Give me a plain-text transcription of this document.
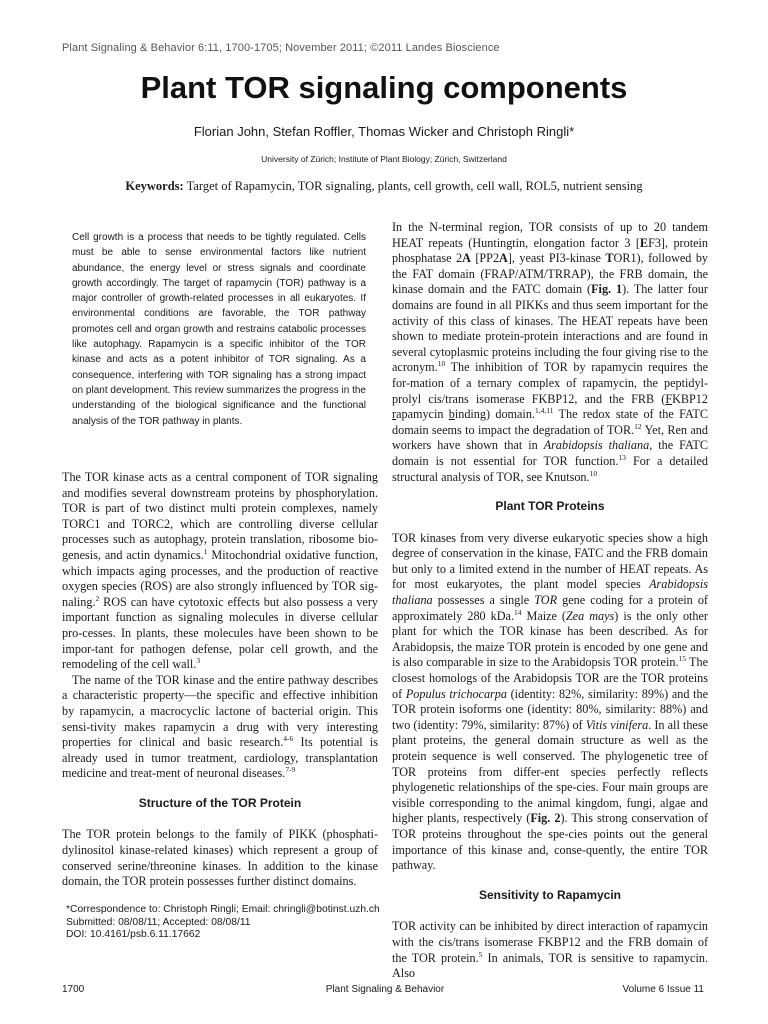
Plant Signaling & Behavior 6:11, 1700-1705; November 2011; ©2011 Landes Bioscience
Plant TOR signaling components
Florian John, Stefan Roffler, Thomas Wicker and Christoph Ringli*
University of Zürich; Institute of Plant Biology; Zürich, Switzerland
Keywords: Target of Rapamycin, TOR signaling, plants, cell growth, cell wall, ROL5, nutrient sensing
Cell growth is a process that needs to be tightly regulated. Cells must be able to sense environmental factors like nutrient abundance, the energy level or stress signals and coordinate growth accordingly. The target of rapamycin (TOR) pathway is a major controller of growth-related processes in all eukaryotes. If environmental conditions are favorable, the TOR pathway promotes cell and organ growth and restrains catabolic processes like autophagy. Rapamycin is a specific inhibitor of the TOR kinase and acts as a potent inhibitor of TOR signaling. As a consequence, interfering with TOR signaling has a strong impact on plant development. This review summarizes the progress in the understanding of the biological significance and the functional analysis of the TOR pathway in plants.

The TOR kinase acts as a central component of TOR signaling and modifies several downstream proteins by phosphorylation. TOR is part of two distinct multi protein complexes, namely TORC1 and TORC2, which are controlling diverse cellular processes such as autophagy, protein translation, ribosome bio-genesis, and actin dynamics.$^1$ Mitochondrial oxidative function, which impacts aging processes, and the production of reactive oxygen species (ROS) are also strongly influenced by TOR sig-naling.$^2$ ROS can have cytotoxic effects but also possess a very important function as signaling molecules in diverse cellular pro-cesses. In plants, these molecules have been shown to be impor-tant for pathogen defense, polar cell growth, and the remodeling of the cell wall.$^3$

The name of the TOR kinase and the entire pathway describes a characteristic property—the specific and effective inhibition by rapamycin, a macrocyclic lactone of bacterial origin. This sensi-tivity makes rapamycin a drug with very interesting properties for clinical and basic research.$^{4-6}$ Its potential is already used in tumor treatment, cardiology, transplantation medicine and treat-ment of neuronal diseases.$^{7-9}$

Structure of the TOR Protein

The TOR protein belongs to the family of PIKK (phosphati-dylinositol kinase-related kinases) which represent a group of conserved serine/threonine kinases. In addition to the kinase domain, the TOR protein possesses further distinct domains.

In the N-terminal region, TOR consists of up to 20 tandem HEAT repeats (Huntingtin, elongation factor 3 [EF3], protein phosphatase 2A [PP2A], yeast PI3-kinase TOR1), followed by the FAT domain (FRAP/ATM/TRRAP), the FRB domain, the kinase domain and the FATC domain (Fig. 1). The latter four domains are found in all PIKKs and thus seem important for the activity of this class of kinases. The HEAT repeats have been shown to mediate protein-protein interactions and are found in several cytoplasmic proteins including the four giving rise to the acronym.$^{10}$ The inhibition of TOR by rapamycin requires the for-mation of a ternary complex of rapamycin, the peptidyl-prolyl cis/trans isomerase FKBP12, and the FRB (FKBP12 rapamycin binding) domain.$^{1,4,11}$ The redox state of the FATC domain seems to impact the degradation of TOR.$^{12}$ Yet, Ren and workers have shown that in Arabidopsis thaliana, the FATC domain is not essential for TOR function.$^{13}$ For a detailed structural analysis of TOR, see Knutson.$^{10}$

Plant TOR Proteins

TOR kinases from very diverse eukaryotic species show a high degree of conservation in the kinase, FATC and the FRB domain but only to a limited extend in the number of HEAT repeats. As for most eukaryotes, the plant model species Arabidopsis thaliana possesses a single TOR gene coding for a protein of approximately 280 kDa.$^{14}$ Maize (Zea mays) is the only other plant for which the TOR kinase has been described. As for Arabidopsis, the maize TOR protein is encoded by one gene and is also comparable in size to the Arabidopsis TOR protein.$^{15}$ The closest homologs of the Arabidopsis TOR are the TOR proteins of Populus trichocarpa (identity: 82%, similarity: 89%) and the TOR protein isoforms one (identity: 80%, similarity: 88%) and two (identity: 79%, similarity: 87%) of Vitis vinifera. In all these plant proteins, the general domain structure as well as the protein sequence is well conserved. The phylogenetic tree of TOR proteins from differ-ent species perfectly reflects phylogenetic relationships of the spe-cies. Four main groups are visible corresponding to the animal kingdom, fungi, algae and higher plants, respectively (Fig. 2). This strong conservation of TOR proteins throughout the spe-cies points out the general importance of this kinase and, conse-quently, the entire TOR pathway.

Sensitivity to Rapamycin

TOR activity can be inhibited by direct interaction of rapamycin with the cis/trans isomerase FKBP12 and the FRB domain of the TOR protein.$^5$ In animals, TOR is sensitive to rapamycin. Also

*Correspondence to: Christoph Ringli; Email: chringli@botinst.uzh.ch
Submitted: 08/08/11; Accepted: 08/08/11
DOI: 10.4161/psb.6.11.17662
1700	Plant Signaling & Behavior	Volume 6 Issue 11
